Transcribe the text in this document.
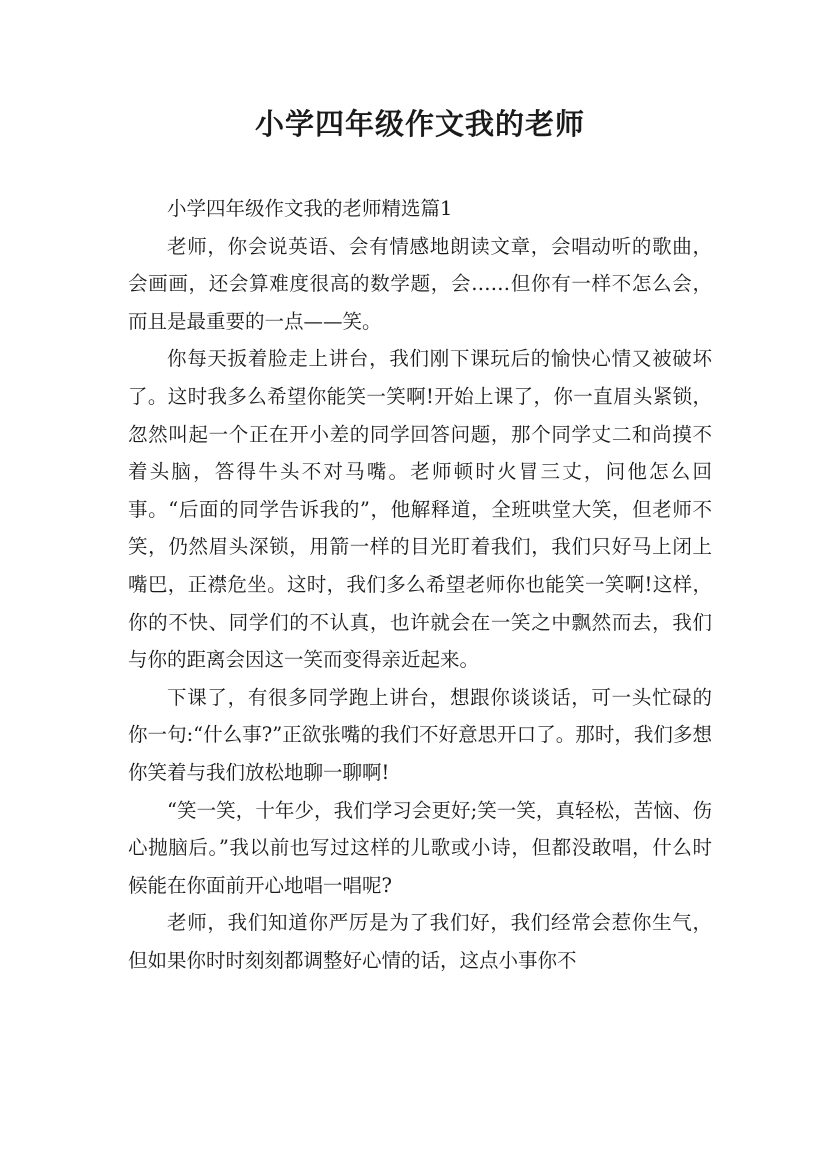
小学四年级作文我的老师

小学四年级作文我的老师精选篇1

老师，你会说英语、会有情感地朗读文章，会唱动听的歌曲，会画画，还会算难度很高的数学题，会……但你有一样不怎么会，而且是最重要的一点——笑。

你每天扳着脸走上讲台，我们刚下课玩后的愉快心情又被破坏了。这时我多么希望你能笑一笑啊!开始上课了，你一直眉头紧锁，忽然叫起一个正在开小差的同学回答问题，那个同学丈二和尚摸不着头脑，答得牛头不对马嘴。老师顿时火冒三丈，问他怎么回事。“后面的同学告诉我的”，他解释道，全班哄堂大笑，但老师不笑，仍然眉头深锁，用箭一样的目光盯着我们，我们只好马上闭上嘴巴，正襟危坐。这时，我们多么希望老师你也能笑一笑啊!这样，你的不快、同学们的不认真，也许就会在一笑之中飘然而去，我们与你的距离会因这一笑而变得亲近起来。

下课了，有很多同学跑上讲台，想跟你谈谈话，可一头忙碌的你一句:“什么事?”正欲张嘴的我们不好意思开口了。那时，我们多想你笑着与我们放松地聊一聊啊!

“笑一笑，十年少，我们学习会更好;笑一笑，真轻松，苦恼、伤心抛脑后。”我以前也写过这样的儿歌或小诗，但都没敢唱，什么时候能在你面前开心地唱一唱呢?

老师，我们知道你严厉是为了我们好，我们经常会惹你生气，但如果你时时刻刻都调整好心情的话，这点小事你不
